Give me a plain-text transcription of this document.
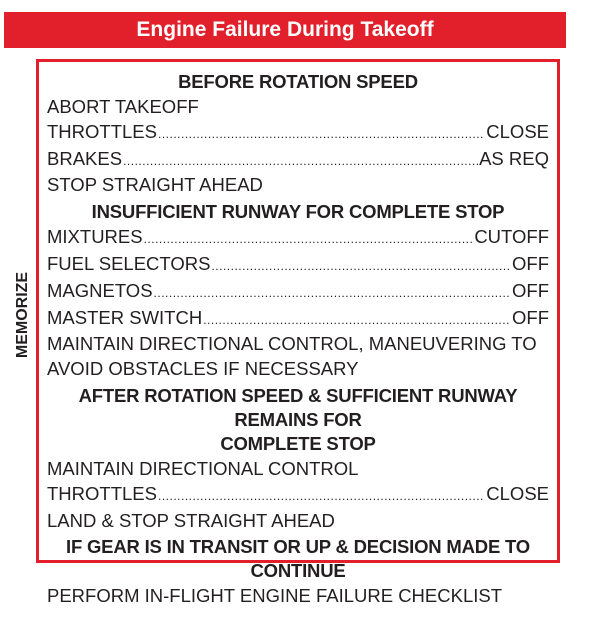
Engine Failure During Takeoff
MEMORIZE
BEFORE ROTATION SPEED
ABORT TAKEOFF
THROTTLES .....	CLOSE
BRAKES .....	AS REQ
STOP STRAIGHT AHEAD
INSUFFICIENT RUNWAY FOR COMPLETE STOP
MIXTURES .....	CUTOFF
FUEL SELECTORS .....	OFF
MAGNETOS .....	OFF
MASTER SWITCH .....	OFF
MAINTAIN DIRECTIONAL CONTROL, MANEUVERING TO
AVOID OBSTACLES IF NECESSARY
AFTER ROTATION SPEED & SUFFICIENT RUNWAY REMAINS FOR
COMPLETE STOP
MAINTAIN DIRECTIONAL CONTROL
THROTTLES .....	CLOSE
LAND & STOP STRAIGHT AHEAD
IF GEAR IS IN TRANSIT OR UP & DECISION MADE TO CONTINUE
PERFORM IN-FLIGHT ENGINE FAILURE CHECKLIST
